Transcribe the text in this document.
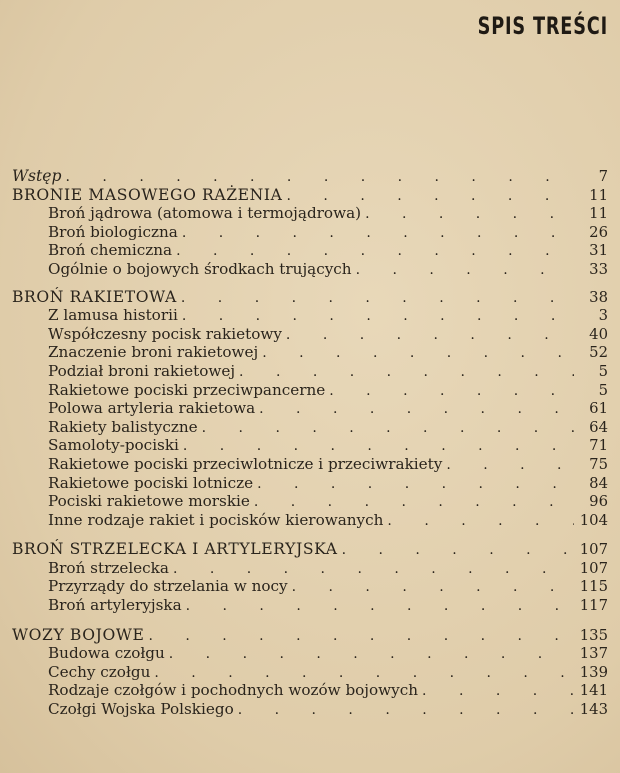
SPIS TREŚCI
Wstęp . . .	7
BRONIE MASOWEGO RAŻENIA . . .	11
Broń jądrowa (atomowa i termojądrowa) . . .	11
Broń biologiczna . . .	26
Broń chemiczna . . .	31
Ogólnie o bojowych środkach trujących . . .	33
BROŃ RAKIETOWA . . .	38
Z lamusa historii . . .	3
Współczesny pocisk rakietowy . . .	40
Znaczenie broni rakietowej . . .	52
Podział broni rakietowej . . .	5
Rakietowe pociski przeciwpancerne . . .	5
Polowa artyleria rakietowa . . .	61
Rakiety balistyczne . . .	64
Samoloty-pociski . . .	71
Rakietowe pociski przeciwlotnicze i przeciwrakiety . . .	75
Rakietowe pociski lotnicze . . .	84
Pociski rakietowe morskie . . .	96
Inne rodzaje rakiet i pocisków kierowanych . . .	104
BROŃ STRZELECKA I ARTYLERYJSKA . . .	107
Broń strzelecka . . .	107
Przyrządy do strzelania w nocy . . .	115
Broń artyleryjska . . .	117
WOZY BOJOWE . . .	135
Budowa czołgu . . .	137
Cechy czołgu . . .	139
Rodzaje czołgów i pochodnych wozów bojowych . . .	141
Czołgi Wojska Polskiego . . .	143
